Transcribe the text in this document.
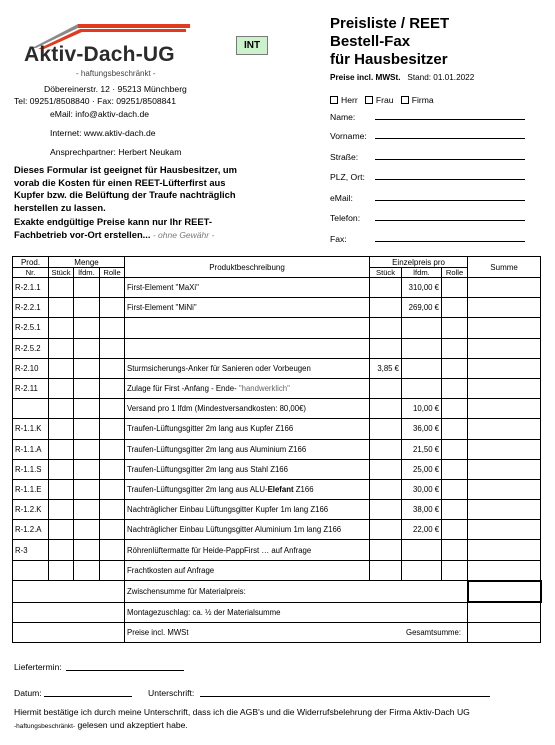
Aktiv-Dach-UG
- haftungsbeschränkt -
INT
Döbereinerstr. 12 · 95213 Münchberg
Tel: 09251/8508840 · Fax: 09251/8508841
eMail: info@aktiv-dach.de
Internet: www.aktiv-dach.de
Ansprechpartner: Herbert Neukam
Preisliste / REET
Bestell-Fax
für Hausbesitzer
Preise incl. MWSt. Stand: 01.01.2022
Herr Frau Firma
Name:
Vorname:
Straße:
PLZ, Ort:
eMail:
Telefon:
Fax:
Dieses Formular ist geeignet für Hausbesitzer, um
vorab die Kosten für einen REET-Lüfterfirst aus
Kupfer bzw. die Belüftung der Traufe nachträglich
herstellen zu lassen.
Exakte endgültige Preise kann nur Ihr REET-
Fachbetrieb vor-Ort erstellen... - ohne Gewähr -
Prod.	Menge			Produktbeschreibung	Einzelpreis pro			Summe
Nr.	Stück	lfdm.	Rolle		Stück	lfdm.	Rolle	
R-2.1.1				First-Element "MaXi"		310,00 €		
R-2.2.1				First-Element "MiNi"		269,00 €		
R-2.5.1								
R-2.5.2								
R-2.10				Sturmsicherungs-Anker für Sanieren oder Vorbeugen	3,85 €			
R-2.11				Zulage für First -Anfang - Ende- "handwerklich"				
				Versand pro 1 lfdm (Mindestversandkosten: 80,00€)		10,00 €		
R-1.1.K				Traufen-Lüftungsgitter 2m lang aus Kupfer Z166		36,00 €		
R-1.1.A				Traufen-Lüftungsgitter 2m lang aus Aluminium Z166		21,50 €		
R-1.1.S				Traufen-Lüftungsgitter 2m lang aus Stahl Z166		25,00 €		
R-1.1.E				Traufen-Lüftungsgitter 2m lang aus ALU-Elefant Z166		30,00 €		
R-1.2.K				Nachträglicher Einbau Lüftungsgitter Kupfer 1m lang Z166		38,00 €		
R-1.2.A				Nachträglicher Einbau Lüftungsgitter Aluminium 1m lang Z166		22,00 €		
R-3				Röhrenlüftermatte für Heide-PappFirst … auf Anfrage				
				Frachtkosten auf Anfrage				
				Zwischensumme für Materialpreis:				
				Montagezuschlag: ca. ½ der Materialsumme				
				Preise incl. MWSt Gesamtsumme:				

Liefertermin:
Datum:	Unterschrift:
Hiermit bestätige ich durch meine Unterschrift, dass ich die AGB's und die Widerrufsbelehrung der Firma Aktiv-Dach UG
-haftungsbeschränkt- gelesen und akzeptiert habe.
